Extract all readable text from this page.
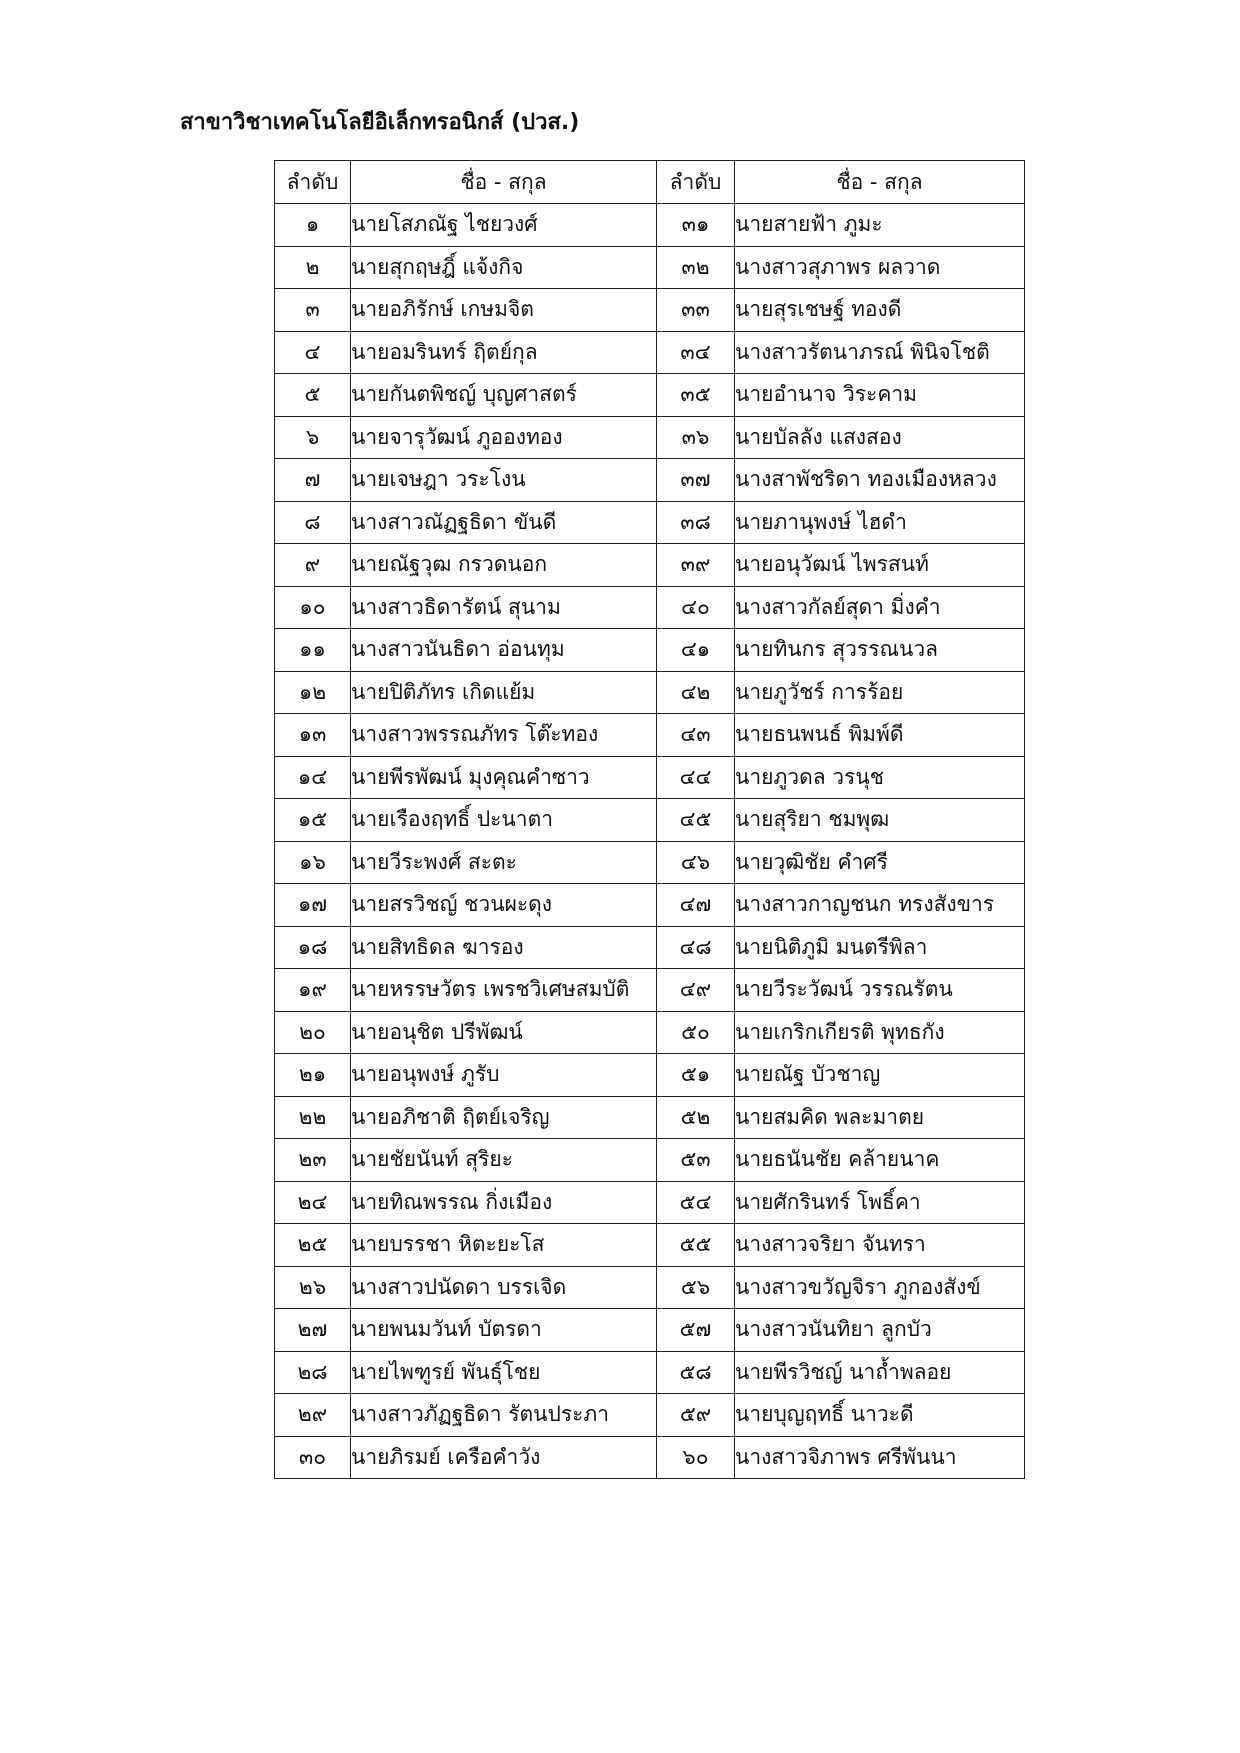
สาขาวิชาเทคโนโลยีอิเล็กทรอนิกส์ (ปวส.)
ลำดับ	ชื่อ - สกุล	ลำดับ	ชื่อ - สกุล
๑	นายโสภณัฐ ไชยวงศ์	๓๑	นายสายฟ้า ภูมะ
๒	นายสุกฤษฎิ์ แจ้งกิจ	๓๒	นางสาวสุภาพร ผลวาด
๓	นายอภิรักษ์ เกษมจิต	๓๓	นายสุรเชษฐ์ ทองดี
๔	นายอมรินทร์ ฤิตย์กุล	๓๔	นางสาวรัตนาภรณ์ พินิจโชติ
๕	นายกันตพิชญ์ บุญศาสตร์	๓๕	นายอำนาจ วิระคาม
๖	นายจารุวัฒน์ ภูอองทอง	๓๖	นายบัลลัง แสงสอง
๗	นายเจษฎา วระโงน	๓๗	นางสาพัชริดา ทองเมืองหลวง
๘	นางสาวณัฏฐธิดา ขันดี	๓๘	นายภานุพงษ์ ไฮดำ
๙	นายณัฐวุฒ กรวดนอก	๓๙	นายอนุวัฒน์ ไพรสนท์
๑๐	นางสาวธิดารัตน์ สุนาม	๔๐	นางสาวกัลย์สุดา มิ่งคำ
๑๑	นางสาวนันธิดา อ่อนทุม	๔๑	นายทินกร สุวรรณนวล
๑๒	นายปิติภัทร เกิดแย้ม	๔๒	นายภูวัชร์ การร้อย
๑๓	นางสาวพรรณภัทร โต๊ะทอง	๔๓	นายธนพนธ์ พิมพ์ดี
๑๔	นายพีรพัฒน์ มุงคุณคำซาว	๔๔	นายภูวดล วรนุช
๑๕	นายเรืองฤทธิ์ ปะนาตา	๔๕	นายสุริยา ชมพุฒ
๑๖	นายวีระพงศ์ สะตะ	๔๖	นายวุฒิชัย คำศรี
๑๗	นายสรวิชญ์ ชวนผะดุง	๔๗	นางสาวกาญชนก ทรงสังขาร
๑๘	นายสิทธิดล ฆารอง	๔๘	นายนิติภูมิ มนตรีพิลา
๑๙	นายหรรษวัตร เพรชวิเศษสมบัติ	๔๙	นายวีระวัฒน์ วรรณรัตน
๒๐	นายอนุชิต ปรีพัฒน์	๕๐	นายเกริกเกียรติ พุทธกัง
๒๑	นายอนุพงษ์ ภูรับ	๕๑	นายณัฐ บัวชาญ
๒๒	นายอภิชาติ ฤิตย์เจริญ	๕๒	นายสมคิด พละมาตย
๒๓	นายชัยนันท์ สุริยะ	๕๓	นายธนันชัย คล้ายนาค
๒๔	นายทิณพรรณ กิ่งเมือง	๕๔	นายศักรินทร์ โพธิ์คา
๒๕	นายบรรชา หิตะยะโส	๕๕	นางสาวจริยา จันทรา
๒๖	นางสาวปนัดดา บรรเจิด	๕๖	นางสาวขวัญจิรา ภูกองสังข์
๒๗	นายพนมวันท์ บัตรดา	๕๗	นางสาวนันทิยา ลูกบัว
๒๘	นายไพฑูรย์ พันธุ์โชย	๕๘	นายพีรวิชญ์ นาถ้ำพลอย
๒๙	นางสาวภัฏฐธิดา รัตนประภา	๕๙	นายบุญฤทธิ์ นาวะดี
๓๐	นายภิรมย์ เครือคำวัง	๖๐	นางสาวจิภาพร ศรีพันนา
